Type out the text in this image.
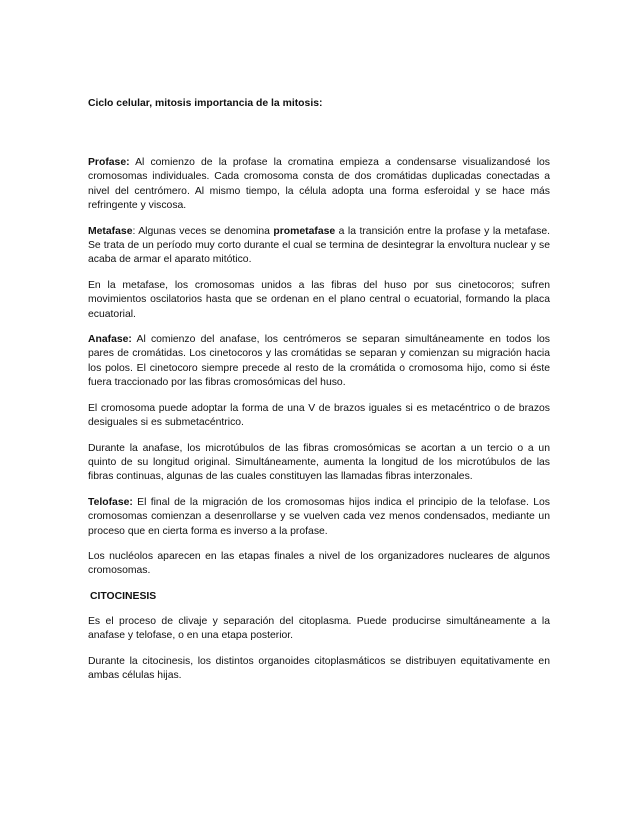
Ciclo celular, mitosis importancia de la mitosis:

Profase: Al comienzo de la profase la cromatina empieza a condensarse visualizandosé los cromosomas individuales. Cada cromosoma consta de dos cromátidas duplicadas conectadas a nivel del centrómero. Al mismo tiempo, la célula adopta una forma esferoidal y se hace más refringente y viscosa.

Metafase: Algunas veces se denomina prometafase a la transición entre la profase y la metafase. Se trata de un período muy corto durante el cual se termina de desintegrar la envoltura nuclear y se acaba de armar el aparato mitótico.

En la metafase, los cromosomas unidos a las fibras del huso por sus cinetocoros; sufren movimientos oscilatorios hasta que se ordenan en el plano central o ecuatorial, formando la placa ecuatorial.

Anafase: Al comienzo del anafase, los centrómeros se separan simultáneamente en todos los pares de cromátidas. Los cinetocoros y las cromátidas se separan y comienzan su migración hacia los polos. El cinetocoro siempre precede al resto de la cromátida o cromosoma hijo, como si éste fuera traccionado por las fibras cromosómicas del huso.

El cromosoma puede adoptar la forma de una V de brazos iguales si es metacéntrico o de brazos desiguales si es submetacéntrico.

Durante la anafase, los microtúbulos de las fibras cromosómicas se acortan a un tercio o a un quinto de su longitud original. Simultáneamente, aumenta la longitud de los microtúbulos de las fibras continuas, algunas de las cuales constituyen las llamadas fibras interzonales.

Telofase: El final de la migración de los cromosomas hijos indica el principio de la telofase. Los cromosomas comienzan a desenrollarse y se vuelven cada vez menos condensados, mediante un proceso que en cierta forma es inverso a la profase.

Los nucléolos aparecen en las etapas finales a nivel de los organizadores nucleares de algunos cromosomas.

CITOCINESIS

Es el proceso de clivaje y separación del citoplasma. Puede producirse simultáneamente a la anafase y telofase, o en una etapa posterior.

Durante la citocinesis, los distintos organoides citoplasmáticos se distribuyen equitativamente en ambas células hijas.
